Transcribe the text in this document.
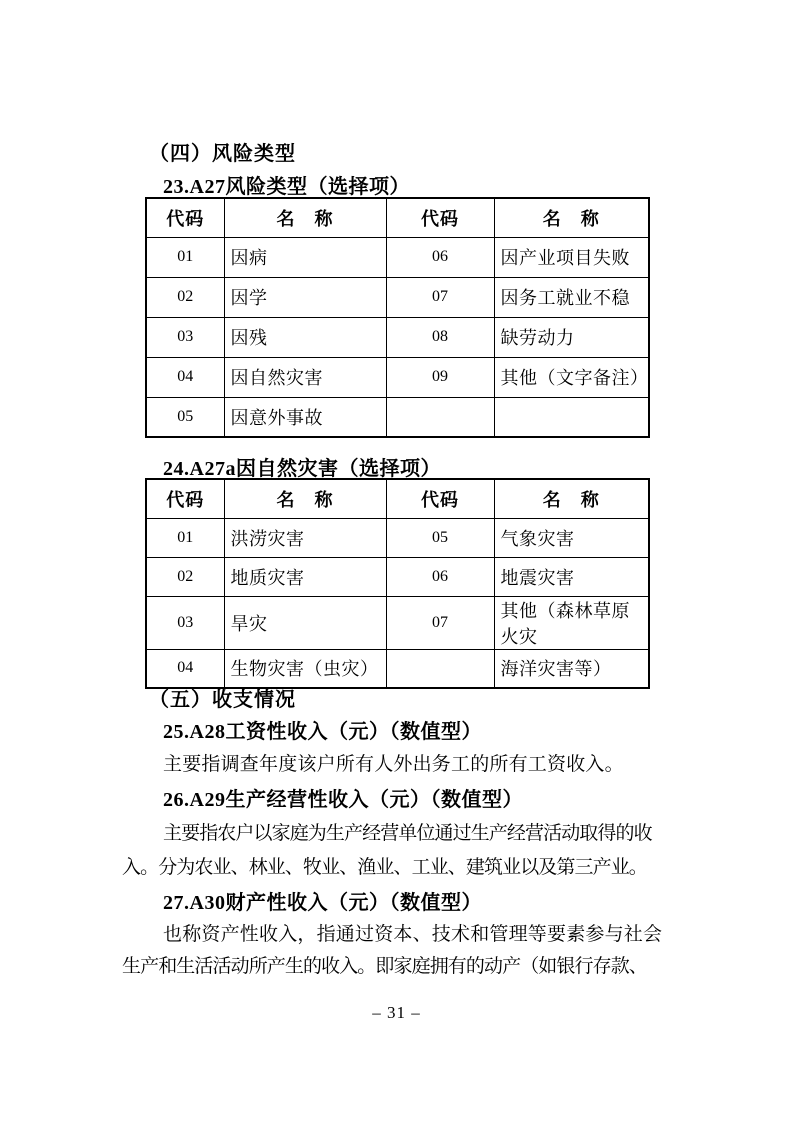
（四）风险类型
23.A27风险类型（选择项）
代码	名　称	代码	名　称
01	因病	06	因产业项目失败
02	因学	07	因务工就业不稳
03	因残	08	缺劳动力
04	因自然灾害	09	其他（文字备注）
05	因意外事故		
24.A27a因自然灾害（选择项）
代码	名　称	代码	名　称
01	洪涝灾害	05	气象灾害
02	地质灾害	06	地震灾害
03	旱灾	07	其他（森林草原火灾
04	生物灾害（虫灾）		海洋灾害等）
（五）收支情况
25.A28工资性收入（元）（数值型）
主要指调查年度该户所有人外出务工的所有工资收入。
26.A29生产经营性收入（元）（数值型）
主要指农户以家庭为生产经营单位通过生产经营活动取得的收
入。分为农业、林业、牧业、渔业、工业、建筑业以及第三产业。
27.A30财产性收入（元）（数值型）
也称资产性收入，指通过资本、技术和管理等要素参与社会
生产和生活活动所产生的收入。即家庭拥有的动产（如银行存款、
– 31 –
